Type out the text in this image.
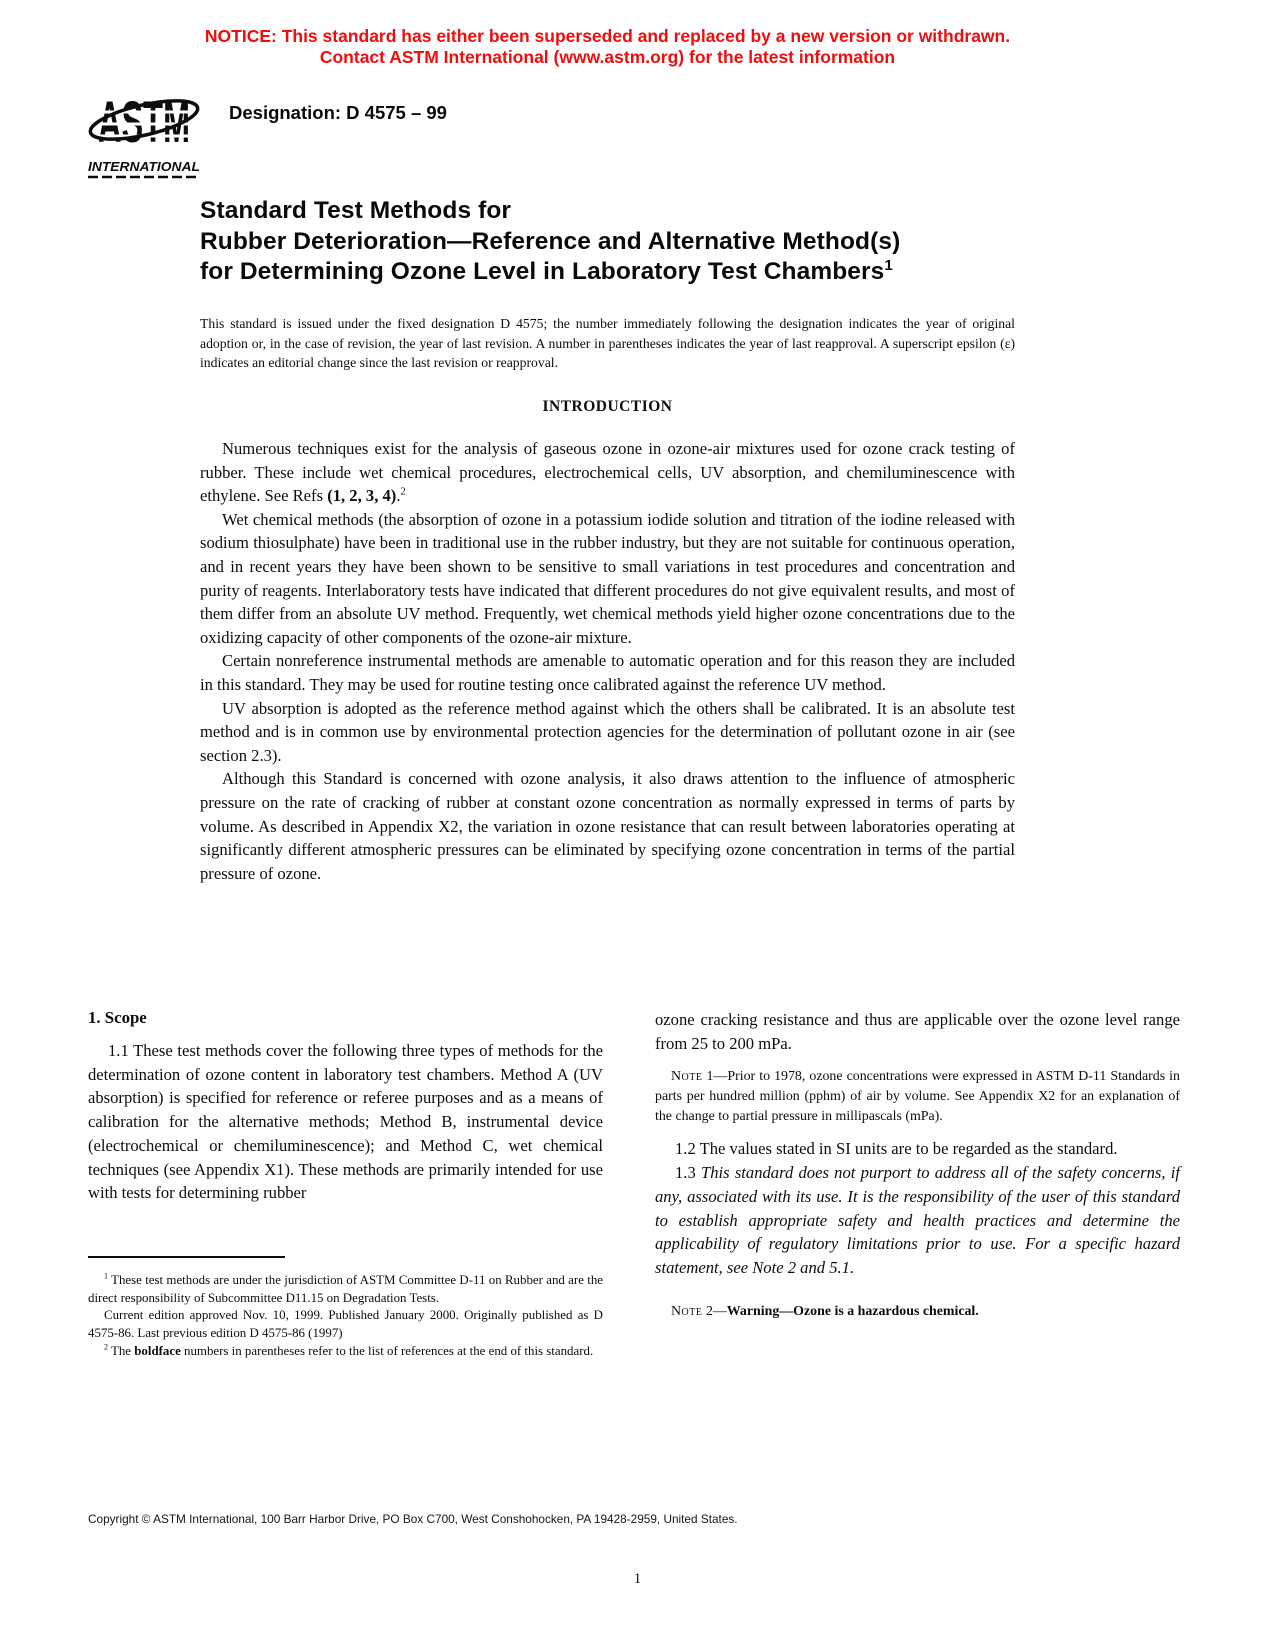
NOTICE: This standard has either been superseded and replaced by a new version or withdrawn.
Contact ASTM International (www.astm.org) for the latest information
ASTM
INTERNATIONAL
Designation: D 4575 – 99
Standard Test Methods for
Rubber Deterioration—Reference and Alternative Method(s)
for Determining Ozone Level in Laboratory Test Chambers$^1$
This standard is issued under the fixed designation D 4575; the number immediately following the designation indicates the year of original adoption or, in the case of revision, the year of last revision. A number in parentheses indicates the year of last reapproval. A superscript epsilon (ε) indicates an editorial change since the last revision or reapproval.
INTRODUCTION

Numerous techniques exist for the analysis of gaseous ozone in ozone-air mixtures used for ozone crack testing of rubber. These include wet chemical procedures, electrochemical cells, UV absorption, and chemiluminescence with ethylene. See Refs (1, 2, 3, 4).$^2$

Wet chemical methods (the absorption of ozone in a potassium iodide solution and titration of the iodine released with sodium thiosulphate) have been in traditional use in the rubber industry, but they are not suitable for continuous operation, and in recent years they have been shown to be sensitive to small variations in test procedures and concentration and purity of reagents. Interlaboratory tests have indicated that different procedures do not give equivalent results, and most of them differ from an absolute UV method. Frequently, wet chemical methods yield higher ozone concentrations due to the oxidizing capacity of other components of the ozone-air mixture.

Certain nonreference instrumental methods are amenable to automatic operation and for this reason they are included in this standard. They may be used for routine testing once calibrated against the reference UV method.

UV absorption is adopted as the reference method against which the others shall be calibrated. It is an absolute test method and is in common use by environmental protection agencies for the determination of pollutant ozone in air (see section 2.3).

Although this Standard is concerned with ozone analysis, it also draws attention to the influence of atmospheric pressure on the rate of cracking of rubber at constant ozone concentration as normally expressed in terms of parts by volume. As described in Appendix X2, the variation in ozone resistance that can result between laboratories operating at significantly different atmospheric pressures can be eliminated by specifying ozone concentration in terms of the partial pressure of ozone.

1. Scope

1.1 These test methods cover the following three types of methods for the determination of ozone content in laboratory test chambers. Method A (UV absorption) is specified for reference or referee purposes and as a means of calibration for the alternative methods; Method B, instrumental device (electrochemical or chemiluminescence); and Method C, wet chemical techniques (see Appendix X1). These methods are primarily intended for use with tests for determining rubber

ozone cracking resistance and thus are applicable over the ozone level range from 25 to 200 mPa.

Note 1—Prior to 1978, ozone concentrations were expressed in ASTM D-11 Standards in parts per hundred million (pphm) of air by volume. See Appendix X2 for an explanation of the change to partial pressure in millipascals (mPa).

1.2 The values stated in SI units are to be regarded as the standard.

1.3 This standard does not purport to address all of the safety concerns, if any, associated with its use. It is the responsibility of the user of this standard to establish appropriate safety and health practices and determine the applicability of regulatory limitations prior to use. For a specific hazard statement, see Note 2 and 5.1.

Note 2—Warning—Ozone is a hazardous chemical.

$^1$ These test methods are under the jurisdiction of ASTM Committee D-11 on Rubber and are the direct responsibility of Subcommittee D11.15 on Degradation Tests.

Current edition approved Nov. 10, 1999. Published January 2000. Originally published as D 4575-86. Last previous edition D 4575-86 (1997)

$^2$ The boldface numbers in parentheses refer to the list of references at the end of this standard.

Copyright © ASTM International, 100 Barr Harbor Drive, PO Box C700, West Conshohocken, PA 19428-2959, United States.
1
